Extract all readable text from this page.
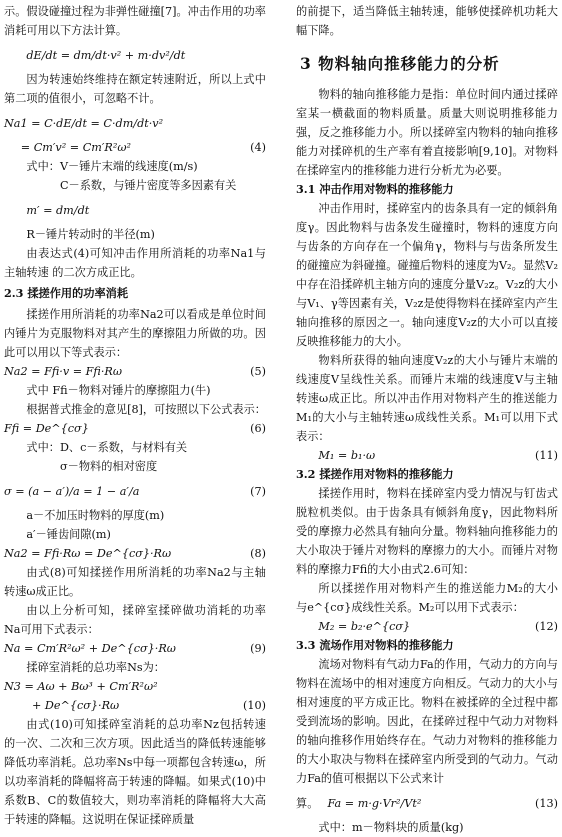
示。假设碰撞过程为非弹性碰撞[7]。冲击作用的功率消耗可用以下方法计算。

dE/dt = dm/dt·v² + m·dv²/dt

因为转速始终维持在额定转速附近，所以上式中第二项的值很小，可忽略不计。

Na1 = C·dE/dt = C·dm/dt·v²
= Cm′v² = Cm′R²ω²	(4)

式中：V－锤片末端的线速度(m/s)

C－系数，与锤片密度等多因素有关

m′ = dm/dt

R－锤片转动时的半径(m)

由表达式(4)可知冲击作用所消耗的功率Na1与主轴转速 的二次方成正比。

2.3 揉搓作用的功率消耗

揉搓作用所消耗的功率Na2可以看成是单位时间内锤片为克服物料对其产生的摩擦阻力所做的功。因此可以用以下等式表示：

Na2 = Ffi·v = Ffi·Rω	(5)

式中 Ffi－物料对锤片的摩擦阻力(牛)

根据普式推金的意见[8]，可按照以下公式表示：

Ffi = De^{cσ}	(6)

式中：D、c－系数，与材料有关

σ－物料的相对密度

σ = (a − a′)/a = 1 − a′/a	(7)

a－不加压时物料的厚度(m)

a′－锤齿间隙(m)

Na2 = Ffi·Rω = De^{cσ}·Rω	(8)

由式(8)可知揉搓作用所消耗的功率Na2与主轴转速ω成正比。

由以上分析可知，揉碎室揉碎做功消耗的功率Na可用下式表示：

Na = Cm′R²ω² + De^{cσ}·Rω	(9)

揉碎室消耗的总功率Ns为：

N3 = Aω + Bω³ + Cm′R²ω²
+ De^{cσ}·Rω	(10)

由式(10)可知揉碎室消耗的总功率Nz包括转速的一次、二次和三次方项。因此适当的降低转速能够降低功率消耗。总功率Ns中每一项都包含转速ω，所以功率消耗的降幅将高于转速的降幅。如果式(10)中系数B、C的数值较大，则功率消耗的降幅将大大高于转速的降幅。这说明在保证揉碎质量

的前提下，适当降低主轴转速，能够使揉碎机功耗大幅下降。

3 物料轴向推移能力的分析

物料的轴向推移能力是指：单位时间内通过揉碎室某一横截面的物料质量。质量大则说明推移能力强，反之推移能力小。所以揉碎室内物料的轴向推移能力对揉碎机的生产率有着直接影响[9,10]。对物料在揉碎室内的推移能力进行分析尤为必要。

3.1 冲击作用对物料的推移能力

冲击作用时，揉碎室内的齿条具有一定的倾斜角度γ。因此物料与齿条发生碰撞时，物料的速度方向与齿条的方向存在一个偏角γ，物料与与齿条所发生的碰撞应为斜碰撞。碰撞后物料的速度为V₂。显然V₂中存在沿揉碎机主轴方向的速度分量V₂z。V₂z的大小与V₁、γ等因素有关，V₂z是使得物料在揉碎室内产生轴向推移的原因之一。轴向速度V₂z的大小可以直接反映推移能力的大小。

物料所获得的轴向速度V₂z的大小与锤片末端的线速度V呈线性关系。而锤片末端的线速度V与主轴转速ω成正比。所以冲击作用对物料产生的推送能力M₁的大小与主轴转速ω成线性关系。M₁可以用下式表示：

M₁ = b₁·ω	(11)

3.2 揉搓作用对物料的推移能力

揉搓作用时，物料在揉碎室内受力情况与钉齿式脱粒机类似。由于齿条具有倾斜角度γ，因此物料所受的摩擦力必然具有轴向分量。物料轴向推移能力的大小取决于锤片对物料的摩擦力的大小。而锤片对物料的摩擦力Ffi的大小由式2.6可知：

所以揉搓作用对物料产生的推送能力M₂的大小与e^{cσ}成线性关系。M₂可以用下式表示：

M₂ = b₂·e^{cσ}	(12)

3.3 流场作用对物料的推移能力

流场对物料有气动力Fa的作用，气动力的方向与物料在流场中的相对速度方向相反。气动力的大小与相对速度的平方成正比。物料在被揉碎的全过程中都受到流场的影响。因此，在揉碎过程中气动力对物料的轴向推移作用始终存在。气动力对物料的推移能力的大小取决与物料在揉碎室内所受到的气动力。气动力Fa的值可根据以下公式来计

算。 Fa = m·g·Vr²/Vt²	(13)

式中：m－物料块的质量(kg)
